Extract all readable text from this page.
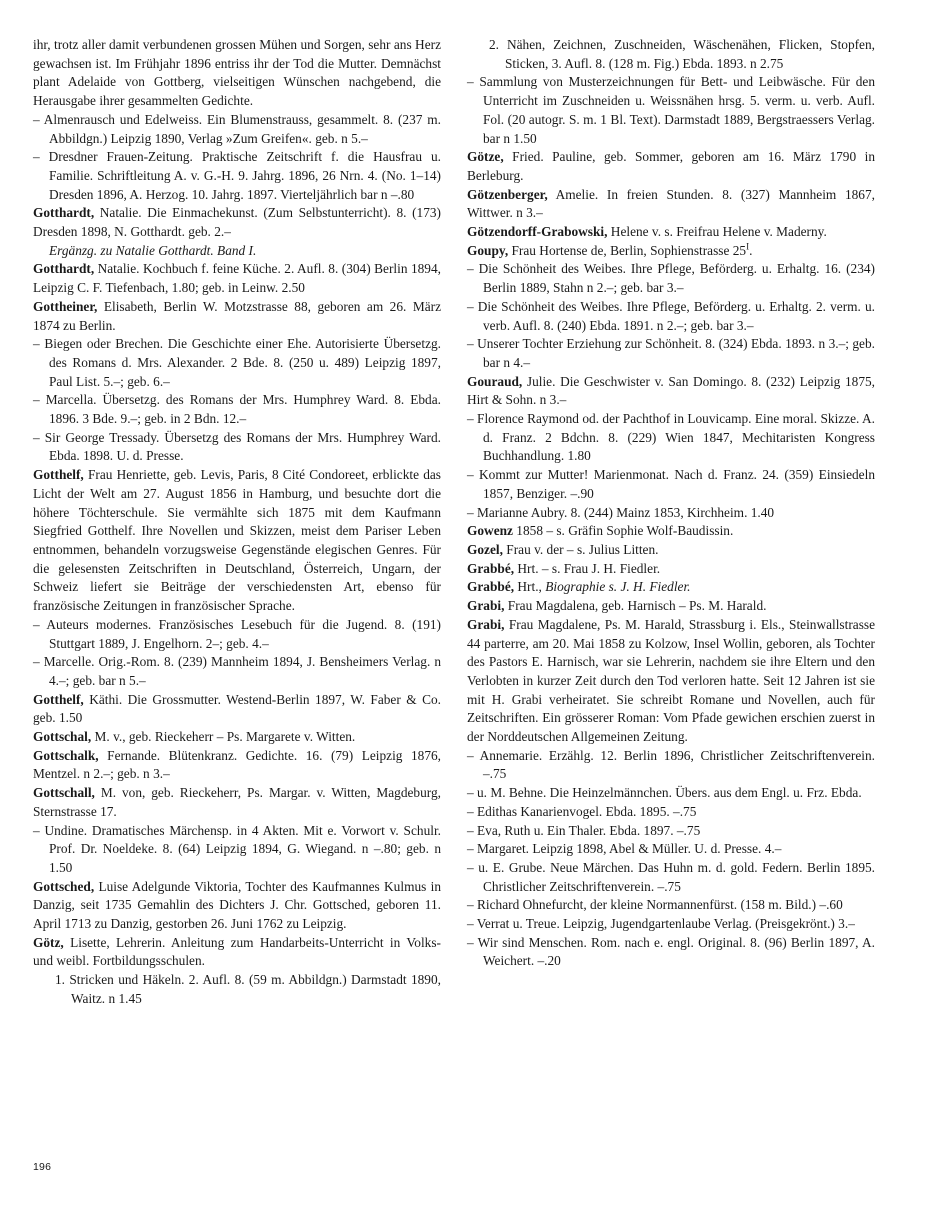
ihr, trotz aller damit verbundenen grossen Mühen und Sorgen, sehr ans Herz gewachsen ist. Im Frühjahr 1896 entriss ihr der Tod die Mutter. Demnächst plant Adelaide von Gottberg, vielseitigen Wünschen nachgebend, die Herausgabe ihrer gesammelten Gedichte.

– Almenrausch und Edelweiss. Ein Blumenstrauss, gesammelt. 8. (237 m. Abbildgn.) Leipzig 1890, Verlag »Zum Greifen«. geb. n 5.–

– Dresdner Frauen-Zeitung. Praktische Zeitschrift f. die Hausfrau u. Familie. Schriftleitung A. v. G.-H. 9. Jahrg. 1896, 26 Nrn. 4. (No. 1–14) Dresden 1896, A. Herzog. 10. Jahrg. 1897. Vierteljährlich bar n –.80

Gotthardt, Natalie. Die Einmachekunst. (Zum Selbstunterricht). 8. (173) Dresden 1898, N. Gotthardt. geb. 2.–

Ergänzg. zu Natalie Gotthardt. Band I.

Gotthardt, Natalie. Kochbuch f. feine Küche. 2. Aufl. 8. (304) Berlin 1894, Leipzig C. F. Tiefenbach, 1.80; geb. in Leinw. 2.50

Gottheiner, Elisabeth, Berlin W. Motzstrasse 88, geboren am 26. März 1874 zu Berlin.

– Biegen oder Brechen. Die Geschichte einer Ehe. Autorisierte Übersetzg. des Romans d. Mrs. Alexander. 2 Bde. 8. (250 u. 489) Leipzig 1897, Paul List. 5.–; geb. 6.–

– Marcella. Übersetzg. des Romans der Mrs. Humphrey Ward. 8. Ebda. 1896. 3 Bde. 9.–; geb. in 2 Bdn. 12.–

– Sir George Tressady. Übersetzg des Romans der Mrs. Humphrey Ward. Ebda. 1898. U. d. Presse.

Gotthelf, Frau Henriette, geb. Levis, Paris, 8 Cité Condoreet, erblickte das Licht der Welt am 27. August 1856 in Hamburg, und besuchte dort die höhere Töchterschule. Sie vermählte sich 1875 mit dem Kaufmann Siegfried Gotthelf. Ihre Novellen und Skizzen, meist dem Pariser Leben entnommen, behandeln vorzugsweise Gegenstände elegischen Genres. Für die gelesensten Zeitschriften in Deutschland, Österreich, Ungarn, der Schweiz liefert sie Beiträge der verschiedensten Art, ebenso für französische Zeitungen in französischer Sprache.

– Auteurs modernes. Französisches Lesebuch für die Jugend. 8. (191) Stuttgart 1889, J. Engelhorn. 2–; geb. 4.–

– Marcelle. Orig.-Rom. 8. (239) Mannheim 1894, J. Bensheimers Verlag. n 4.–; geb. bar n 5.–

Gotthelf, Käthi. Die Grossmutter. Westend-Berlin 1897, W. Faber & Co. geb. 1.50

Gottschal, M. v., geb. Rieckeherr – Ps. Margarete v. Witten.

Gottschalk, Fernande. Blütenkranz. Gedichte. 16. (79) Leipzig 1876, Mentzel. n 2.–; geb. n 3.–

Gottschall, M. von, geb. Rieckeherr, Ps. Margar. v. Witten, Magdeburg, Sternstrasse 17.

– Undine. Dramatisches Märchensp. in 4 Akten. Mit e. Vorwort v. Schulr. Prof. Dr. Noeldeke. 8. (64) Leipzig 1894, G. Wiegand. n –.80; geb. n 1.50

Gottsched, Luise Adelgunde Viktoria, Tochter des Kaufmannes Kulmus in Danzig, seit 1735 Gemahlin des Dichters J. Chr. Gottsched, geboren 11. April 1713 zu Danzig, gestorben 26. Juni 1762 zu Leipzig.

Götz, Lisette, Lehrerin. Anleitung zum Handarbeits-Unterricht in Volks- und weibl. Fortbildungsschulen.

1. Stricken und Häkeln. 2. Aufl. 8. (59 m. Abbildgn.) Darmstadt 1890, Waitz. n 1.45

2. Nähen, Zeichnen, Zuschneiden, Wäschenähen, Flicken, Stopfen, Sticken, 3. Aufl. 8. (128 m. Fig.) Ebda. 1893. n 2.75

– Sammlung von Musterzeichnungen für Bett- und Leibwäsche. Für den Unterricht im Zuschneiden u. Weissnähen hrsg. 5. verm. u. verb. Aufl. Fol. (20 autogr. S. m. 1 Bl. Text). Darmstadt 1889, Bergstraessers Verlag. bar n 1.50

Götze, Fried. Pauline, geb. Sommer, geboren am 16. März 1790 in Berleburg.

Götzenberger, Amelie. In freien Stunden. 8. (327) Mannheim 1867, Wittwer. n 3.–

Götzendorff-Grabowski, Helene v. s. Freifrau Helene v. Maderny.

Goupy, Frau Hortense de, Berlin, Sophienstrasse $25^I$.

– Die Schönheit des Weibes. Ihre Pflege, Beförderg. u. Erhaltg. 16. (234) Berlin 1889, Stahn n 2.–; geb. bar 3.–

– Die Schönheit des Weibes. Ihre Pflege, Beförderg. u. Erhaltg. 2. verm. u. verb. Aufl. 8. (240) Ebda. 1891. n 2.–; geb. bar 3.–

– Unserer Tochter Erziehung zur Schönheit. 8. (324) Ebda. 1893. n 3.–; geb. bar n 4.–

Gouraud, Julie. Die Geschwister v. San Domingo. 8. (232) Leipzig 1875, Hirt & Sohn. n 3.–

– Florence Raymond od. der Pachthof in Louvicamp. Eine moral. Skizze. A. d. Franz. 2 Bdchn. 8. (229) Wien 1847, Mechitaristen Kongress Buchhandlung. 1.80

– Kommt zur Mutter! Marienmonat. Nach d. Franz. 24. (359) Einsiedeln 1857, Benziger. –.90

– Marianne Aubry. 8. (244) Mainz 1853, Kirchheim. 1.40

Gowenz 1858 – s. Gräfin Sophie Wolf-Baudissin.

Gozel, Frau v. der – s. Julius Litten.

Grabbé, Hrt. – s. Frau J. H. Fiedler.

Grabbé, Hrt., Biographie s. J. H. Fiedler.

Grabi, Frau Magdalena, geb. Harnisch – Ps. M. Harald.

Grabi, Frau Magdalene, Ps. M. Harald, Strassburg i. Els., Steinwallstrasse 44 parterre, am 20. Mai 1858 zu Kolzow, Insel Wollin, geboren, als Tochter des Pastors E. Harnisch, war sie Lehrerin, nachdem sie ihre Eltern und den Verlobten in kurzer Zeit durch den Tod verloren hatte. Seit 12 Jahren ist sie mit H. Grabi verheiratet. Sie schreibt Romane und Novellen, auch für Zeitschriften. Ein grösserer Roman: Vom Pfade gewichen erschien zuerst in der Norddeutschen Allgemeinen Zeitung.

– Annemarie. Erzählg. 12. Berlin 1896, Christlicher Zeitschriftenverein. –.75

– u. M. Behne. Die Heinzelmännchen. Übers. aus dem Engl. u. Frz. Ebda.

– Edithas Kanarienvogel. Ebda. 1895. –.75

– Eva, Ruth u. Ein Thaler. Ebda. 1897. –.75

– Margaret. Leipzig 1898, Abel & Müller. U. d. Presse. 4.–

– u. E. Grube. Neue Märchen. Das Huhn m. d. gold. Federn. Berlin 1895. Christlicher Zeitschriftenverein. –.75

– Richard Ohnefurcht, der kleine Normannenfürst. (158 m. Bild.) –.60

– Verrat u. Treue. Leipzig, Jugendgartenlaube Verlag. (Preisgekrönt.) 3.–

– Wir sind Menschen. Rom. nach e. engl. Original. 8. (96) Berlin 1897, A. Weichert. –.20

196
